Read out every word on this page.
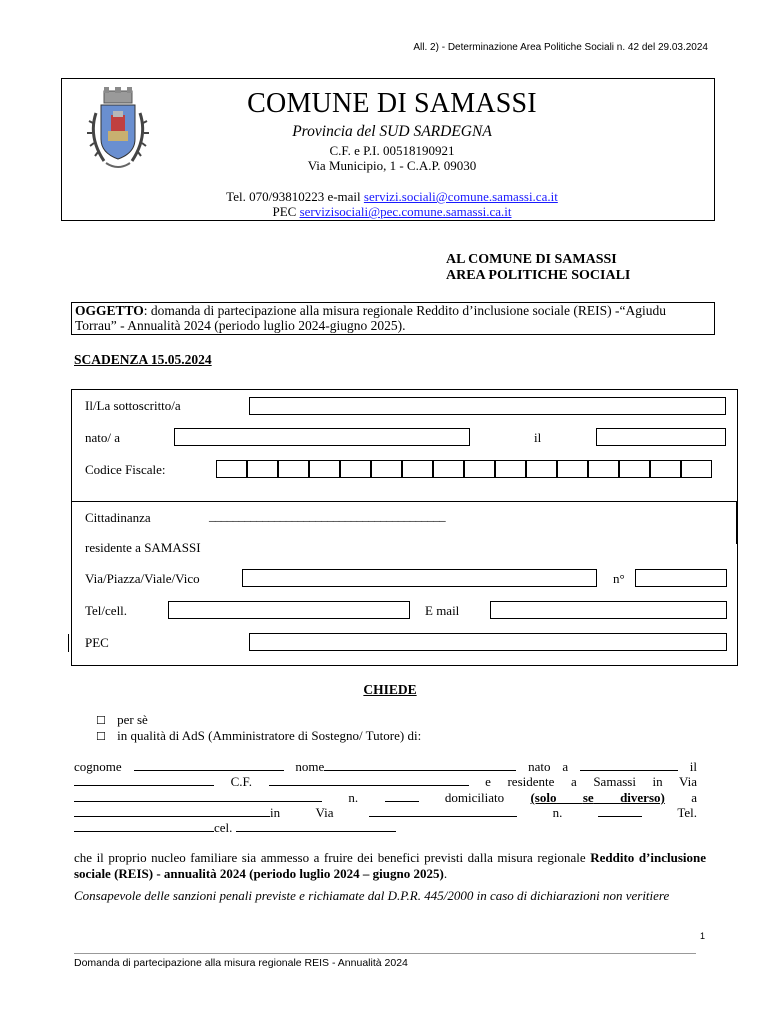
All. 2) - Determinazione Area Politiche Sociali n. 42 del 29.03.2024
COMUNE DI SAMASSI
Provincia del SUD SARDEGNA
C.F. e P.I. 00518190921
Via Municipio, 1 - C.A.P. 09030
Tel. 070/93810223 e-mail servizi.sociali@comune.samassi.ca.it
PEC servizisociali@pec.comune.samassi.ca.it
AL COMUNE DI SAMASSI
AREA POLITICHE SOCIALI
OGGETTO: domanda di partecipazione alla misura regionale Reddito d’inclusione sociale (REIS) -“Agiudu
Torrau” - Annualità 2024 (periodo luglio 2024-giugno 2025).
SCADENZA 15.05.2024
Il/La sottoscritto/a
nato/ a	il
Codice Fiscale:
Cittadinanza	________________________________________
residente a SAMASSI
Via/Piazza/Viale/Vico	n°
Tel/cell.	E mail
PEC
CHIEDE
☐ per sè
☐ in qualità di AdS (Amministratore di Sostegno/ Tutore) di:
cognome	nome	nato a	il
C.F.	e residente a Samassi in Via
n.	domiciliato (solo se diverso) a
in	Via	n.	Tel.
cel.
che il proprio nucleo familiare sia ammesso a fruire dei benefici previsti dalla misura regionale Reddito d’inclusione sociale (REIS) - annualità 2024 (periodo luglio 2024 – giugno 2025).
Consapevole delle sanzioni penali previste e richiamate dal D.P.R. 445/2000 in caso di dichiarazioni non veritiere
1
Domanda di partecipazione alla misura regionale REIS - Annualità 2024
